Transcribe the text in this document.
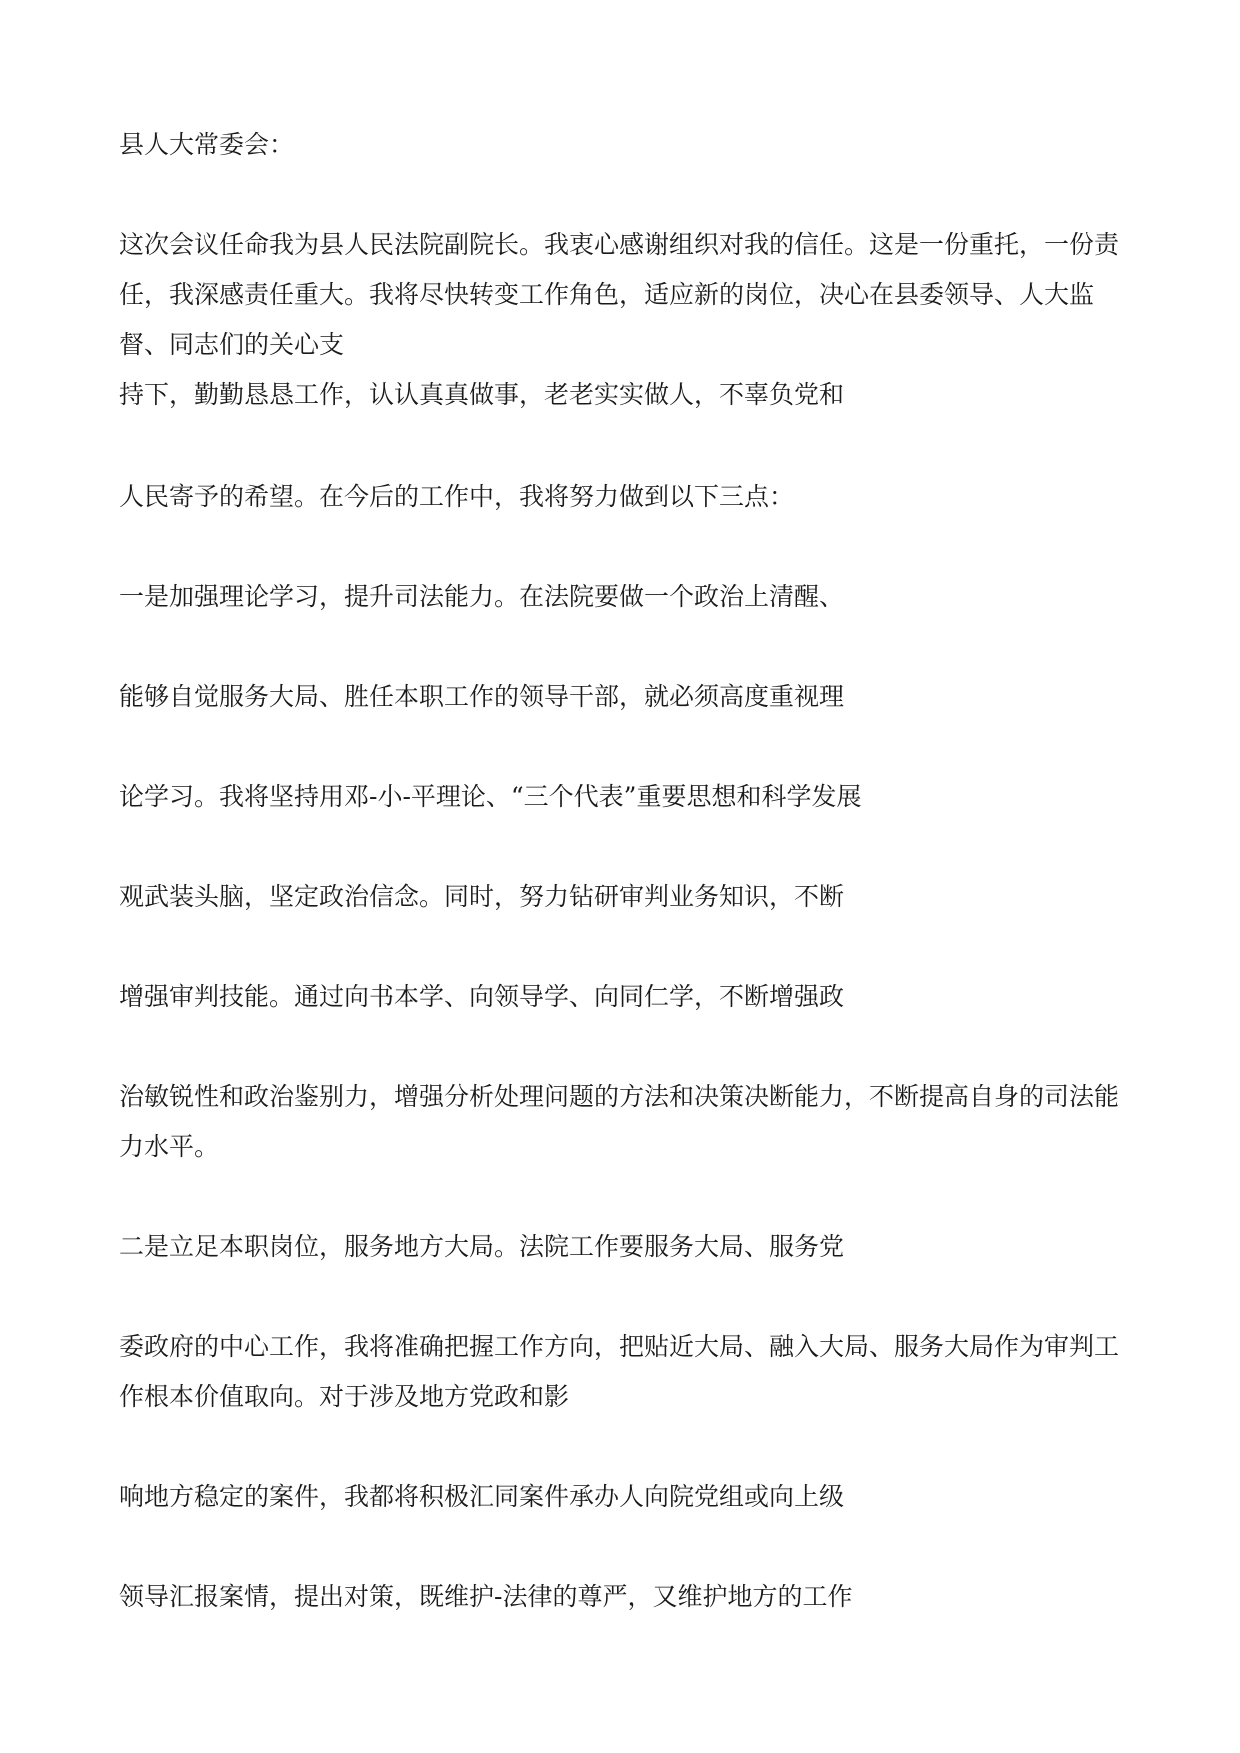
县人大常委会：

这次会议任命我为县人民法院副院长。我衷心感谢组织对我的信任。这是一份重托，一份责任，我深感责任重大。我将尽快转变工作角色，适应新的岗位，决心在县委领导、人大监督、同志们的关心支

持下，勤勤恳恳工作，认认真真做事，老老实实做人，不辜负党和

人民寄予的希望。在今后的工作中，我将努力做到以下三点：

一是加强理论学习，提升司法能力。在法院要做一个政治上清醒、

能够自觉服务大局、胜任本职工作的领导干部，就必须高度重视理

论学习。我将坚持用邓-小-平理论、“三个代表”重要思想和科学发展

观武装头脑，坚定政治信念。同时，努力钻研审判业务知识，不断

增强审判技能。通过向书本学、向领导学、向同仁学，不断增强政

治敏锐性和政治鉴别力，增强分析处理问题的方法和决策决断能力，不断提高自身的司法能力水平。

二是立足本职岗位，服务地方大局。法院工作要服务大局、服务党

委政府的中心工作，我将准确把握工作方向，把贴近大局、融入大局、服务大局作为审判工作根本价值取向。对于涉及地方党政和影

响地方稳定的案件，我都将积极汇同案件承办人向院党组或向上级

领导汇报案情，提出对策，既维护-法律的尊严，又维护地方的工作
